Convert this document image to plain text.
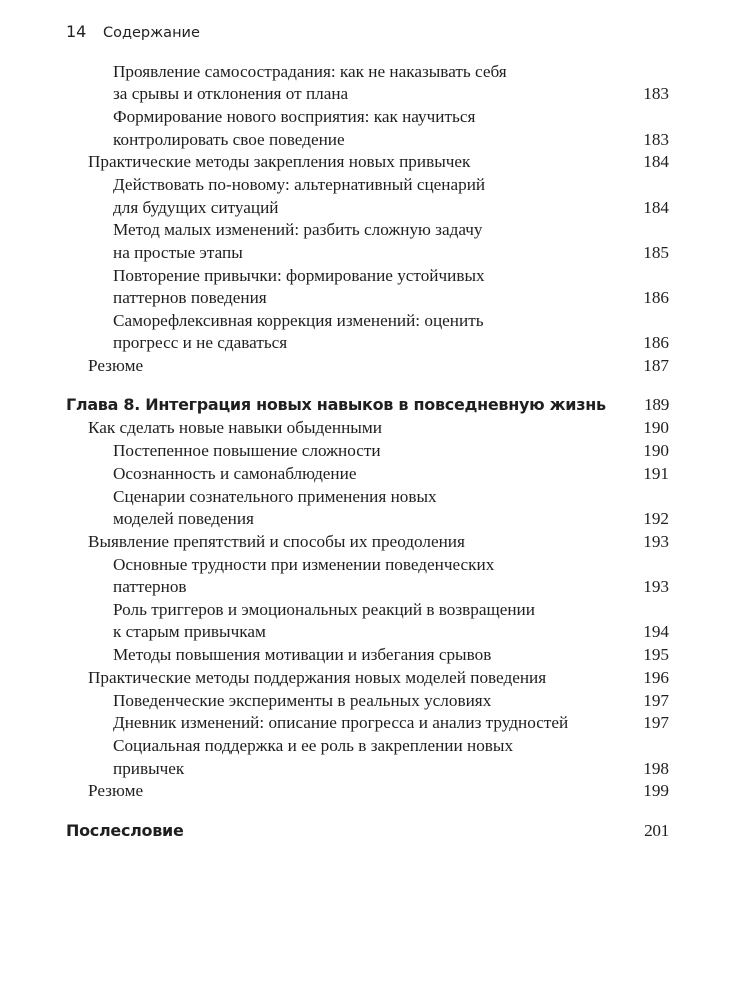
14 Содержание
Проявление самосострадания: как не наказывать себя
за срывы и отклонения от плана	183
Формирование нового восприятия: как научиться
контролировать свое поведение	183
Практические методы закрепления новых привычек	184
Действовать по-новому: альтернативный сценарий
для будущих ситуаций	184
Метод малых изменений: разбить сложную задачу
на простые этапы	185
Повторение привычки: формирование устойчивых
паттернов поведения	186
Саморефлексивная коррекция изменений: оценить
прогресс и не сдаваться	186
Резюме	187
Глава 8. Интеграция новых навыков в повседневную жизнь	189
Как сделать новые навыки обыденными	190
Постепенное повышение сложности	190
Осознанность и самонаблюдение	191
Сценарии сознательного применения новых
моделей поведения	192
Выявление препятствий и способы их преодоления	193
Основные трудности при изменении поведенческих
паттернов	193
Роль триггеров и эмоциональных реакций в возвращении
к старым привычкам	194
Методы повышения мотивации и избегания срывов	195
Практические методы поддержания новых моделей поведения	196
Поведенческие эксперименты в реальных условиях	197
Дневник изменений: описание прогресса и анализ трудностей	197
Социальная поддержка и ее роль в закреплении новых
привычек	198
Резюме	199
Послесловие	201
